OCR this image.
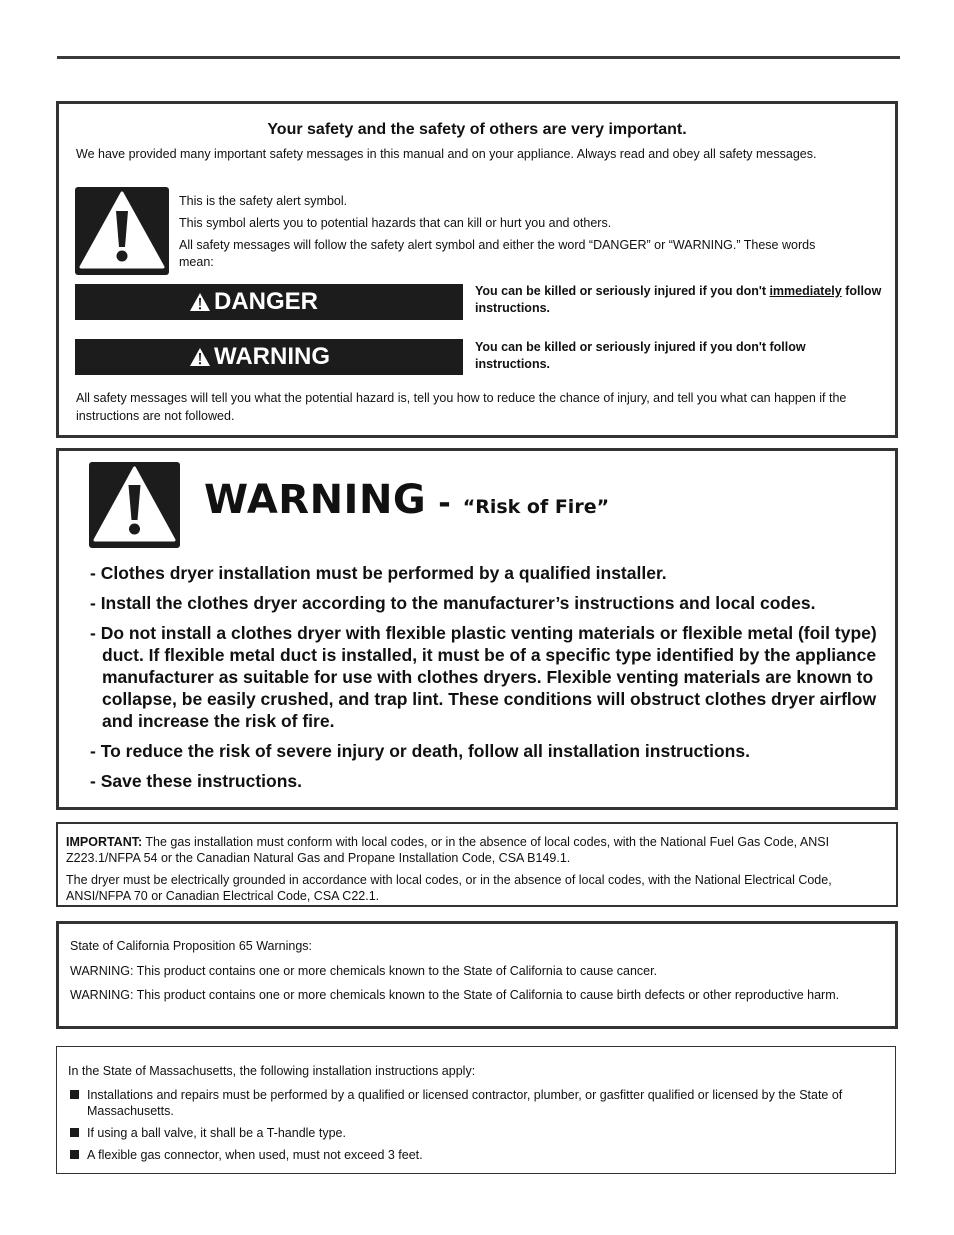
Your safety and the safety of others are very important.
We have provided many important safety messages in this manual and on your appliance. Always read and obey all safety messages.
This is the safety alert symbol.
This symbol alerts you to potential hazards that can kill or hurt you and others.
All safety messages will follow the safety alert symbol and either the word “DANGER” or “WARNING.” These words mean:
DANGER	You can be killed or seriously injured if you don't immediately follow instructions.
WARNING	You can be killed or seriously injured if you don't follow instructions.
All safety messages will tell you what the potential hazard is, tell you how to reduce the chance of injury, and tell you what can happen if the instructions are not followed.
WARNING - “Risk of Fire”
- Clothes dryer installation must be performed by a qualified installer.
- Install the clothes dryer according to the manufacturer’s instructions and local codes.
- Do not install a clothes dryer with flexible plastic venting materials or flexible metal (foil type) duct. If flexible metal duct is installed, it must be of a specific type identified by the appliance manufacturer as suitable for use with clothes dryers. Flexible venting materials are known to collapse, be easily crushed, and trap lint. These conditions will obstruct clothes dryer airflow and increase the risk of fire.
- To reduce the risk of severe injury or death, follow all installation instructions.
- Save these instructions.
IMPORTANT: The gas installation must conform with local codes, or in the absence of local codes, with the National Fuel Gas Code, ANSI Z223.1/NFPA 54 or the Canadian Natural Gas and Propane Installation Code, CSA B149.1.
The dryer must be electrically grounded in accordance with local codes, or in the absence of local codes, with the National Electrical Code, ANSI/NFPA 70 or Canadian Electrical Code, CSA C22.1.
State of California Proposition 65 Warnings:
WARNING: This product contains one or more chemicals known to the State of California to cause cancer.
WARNING: This product contains one or more chemicals known to the State of California to cause birth defects or other reproductive harm.
In the State of Massachusetts, the following installation instructions apply:
Installations and repairs must be performed by a qualified or licensed contractor, plumber, or gasfitter qualified or licensed by the State of Massachusetts.
If using a ball valve, it shall be a T-handle type.
A flexible gas connector, when used, must not exceed 3 feet.
